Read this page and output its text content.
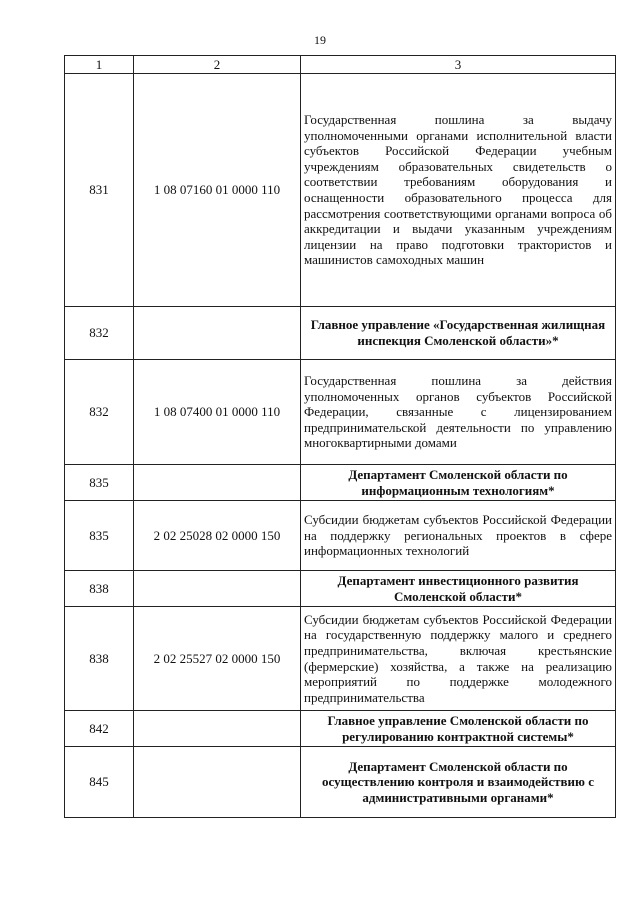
19
1	2	3
831	1 08 07160 01 0000 110	Государственная пошлина за выдачу уполномоченными органами исполнительной власти субъектов Российской Федерации учебным учреждениям образовательных свидетельств о соответствии требованиям оборудования и оснащенности образовательного процесса для рассмотрения соответствующими органами вопроса об аккредитации и выдачи указанным учреждениям лицензии на право подготовки трактористов и машинистов самоходных машин
832		Главное управление «Государственная жилищная инспекция Смоленской области»*
832	1 08 07400 01 0000 110	Государственная пошлина за действия уполномоченных органов субъектов Российской Федерации, связанные с лицензированием предпринимательской деятельности по управлению многоквартирными домами
835		Департамент Смоленской области по информационным технологиям*
835	2 02 25028 02 0000 150	Субсидии бюджетам субъектов Российской Федерации на поддержку региональных проектов в сфере информационных технологий
838		Департамент инвестиционного развития Смоленской области*
838	2 02 25527 02 0000 150	Субсидии бюджетам субъектов Российской Федерации на государственную поддержку малого и среднего предпринимательства, включая крестьянские (фермерские) хозяйства, а также на реализацию мероприятий по поддержке молодежного предпринимательства
842		Главное управление Смоленской области по регулированию контрактной системы*
845		Департамент Смоленской области по осуществлению контроля и взаимодействию с административными органами*
